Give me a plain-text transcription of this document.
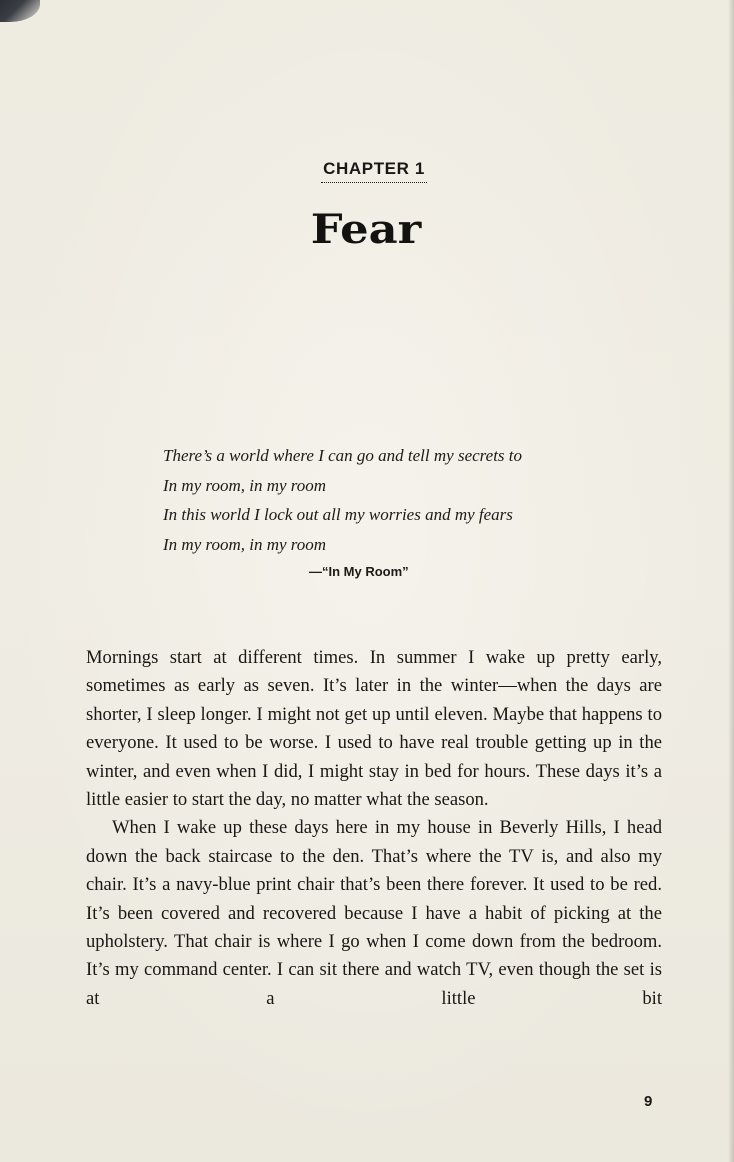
CHAPTER 1
Fear
There’s a world where I can go and tell my secrets to
In my room, in my room
In this world I lock out all my worries and my fears
In my room, in my room
—“In My Room”

Mornings start at different times. In summer I wake up pretty early, sometimes as early as seven. It’s later in the winter—when the days are shorter, I sleep longer. I might not get up until eleven. Maybe that happens to everyone. It used to be worse. I used to have real trouble getting up in the winter, and even when I did, I might stay in bed for hours. These days it’s a little easier to start the day, no matter what the season.

When I wake up these days here in my house in Beverly Hills, I head down the back staircase to the den. That’s where the TV is, and also my chair. It’s a navy-blue print chair that’s been there forever. It used to be red. It’s been covered and recovered because I have a habit of picking at the upholstery. That chair is where I go when I come down from the bedroom. It’s my command center. I can sit there and watch TV, even though the set is at a little bit

9
